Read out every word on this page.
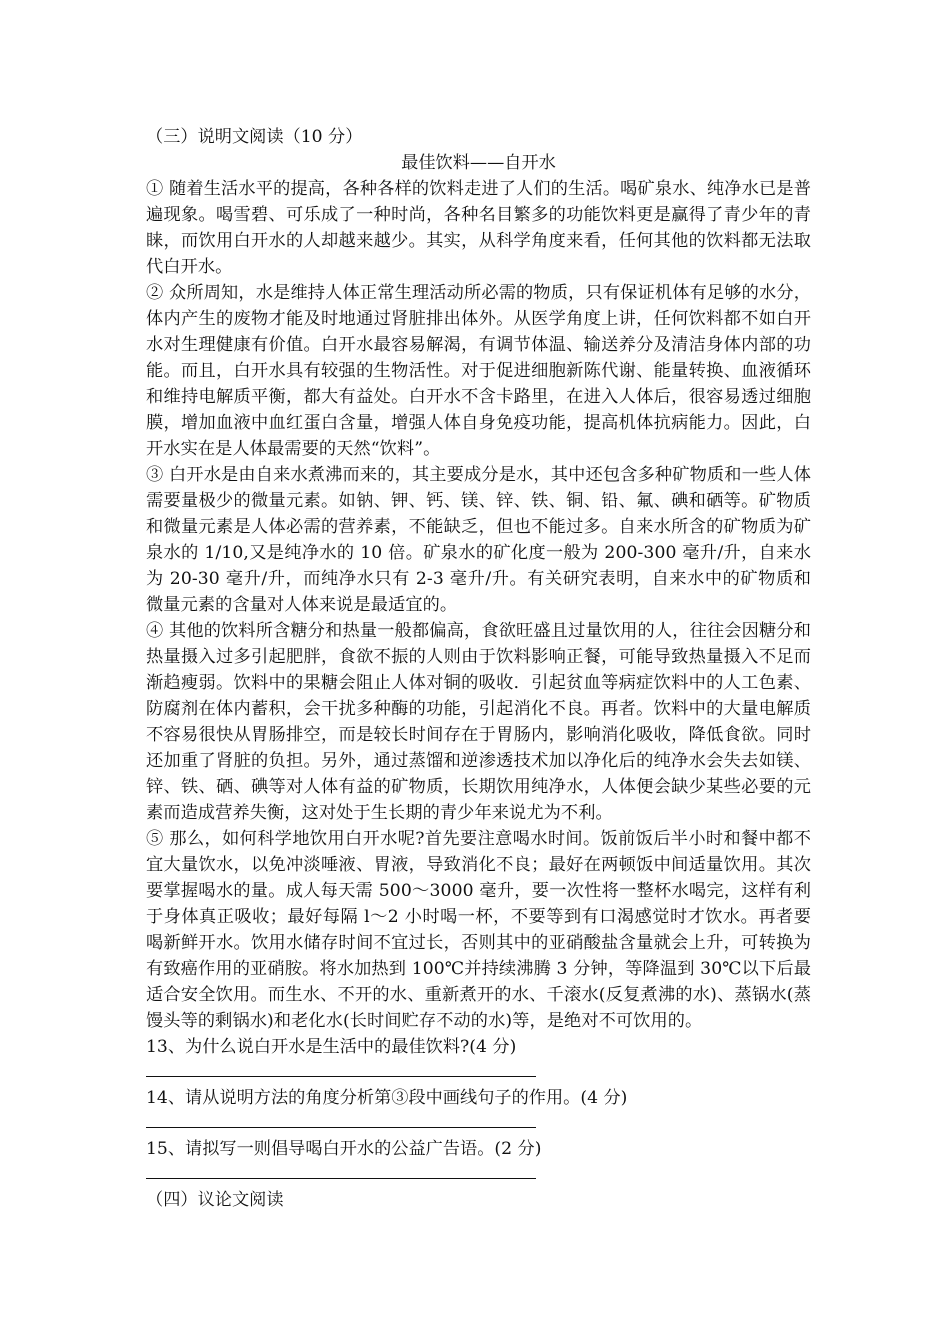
（三）说明文阅读（10 分）

最佳饮料——自开水

① 随着生活水平的提高，各种各样的饮料走进了人们的生活。喝矿泉水、纯净水已是普遍现象。喝雪碧、可乐成了一种时尚，各种名目繁多的功能饮料更是赢得了青少年的青睐，而饮用白开水的人却越来越少。其实，从科学角度来看，任何其他的饮料都无法取代白开水。

② 众所周知，水是维持人体正常生理活动所必需的物质，只有保证机体有足够的水分，体内产生的废物才能及时地通过肾脏排出体外。从医学角度上讲，任何饮料都不如白开水对生理健康有价值。白开水最容易解渴，有调节体温、输送养分及清洁身体内部的功能。而且，白开水具有较强的生物活性。对于促进细胞新陈代谢、能量转换、血液循环和维持电解质平衡，都大有益处。白开水不含卡路里，在进入人体后，很容易透过细胞膜，增加血液中血红蛋白含量，增强人体自身免疫功能，提高机体抗病能力。因此，白开水实在是人体最需要的天然“饮料”。

③ 白开水是由自来水煮沸而来的，其主要成分是水，其中还包含多种矿物质和一些人体需要量极少的微量元素。如钠、钾、钙、镁、锌、铁、铜、铅、氟、碘和硒等。矿物质和微量元素是人体必需的营养素，不能缺乏，但也不能过多。自来水所含的矿物质为矿泉水的 1/10,又是纯净水的 10 倍。矿泉水的矿化度一般为 200-300 毫升/升，自来水为 20-30 毫升/升，而纯净水只有 2-3 毫升/升。有关研究表明，自来水中的矿物质和微量元素的含量对人体来说是最适宜的。

④ 其他的饮料所含糖分和热量一般都偏高，食欲旺盛且过量饮用的人，往往会因糖分和热量摄入过多引起肥胖，食欲不振的人则由于饮料影响正餐，可能导致热量摄入不足而渐趋瘦弱。饮料中的果糖会阻止人体对铜的吸收．引起贫血等病症饮料中的人工色素、防腐剂在体内蓄积，会干扰多种酶的功能，引起消化不良。再者。饮料中的大量电解质不容易很快从胃肠排空，而是较长时间存在于胃肠内，影响消化吸收，降低食欲。同时还加重了肾脏的负担。另外，通过蒸馏和逆渗透技术加以净化后的纯净水会失去如镁、锌、铁、硒、碘等对人体有益的矿物质，长期饮用纯净水，人体便会缺少某些必要的元素而造成营养失衡，这对处于生长期的青少年来说尤为不利。

⑤ 那么，如何科学地饮用白开水呢?首先要注意喝水时间。饭前饭后半小时和餐中都不宜大量饮水，以免冲淡唾液、胃液，导致消化不良；最好在两顿饭中间适量饮用。其次要掌握喝水的量。成人每天需 500～3000 毫升，要一次性将一整杯水喝完，这样有利于身体真正吸收；最好每隔 l～2 小时喝一杯，不要等到有口渴感觉时才饮水。再者要喝新鲜开水。饮用水储存时间不宜过长，否则其中的亚硝酸盐含量就会上升，可转换为有致癌作用的亚硝胺。将水加热到 100℃并持续沸腾 3 分钟，等降温到 30℃以下后最适合安全饮用。而生水、不开的水、重新煮开的水、千滚水(反复煮沸的水)、蒸锅水(蒸馒头等的剩锅水)和老化水(长时间贮存不动的水)等，是绝对不可饮用的。

13、为什么说白开水是生活中的最佳饮料?(4 分)

14、请从说明方法的角度分析第③段中画线句子的作用。(4 分)

15、请拟写一则倡导喝白开水的公益广告语。(2 分)

（四）议论文阅读
